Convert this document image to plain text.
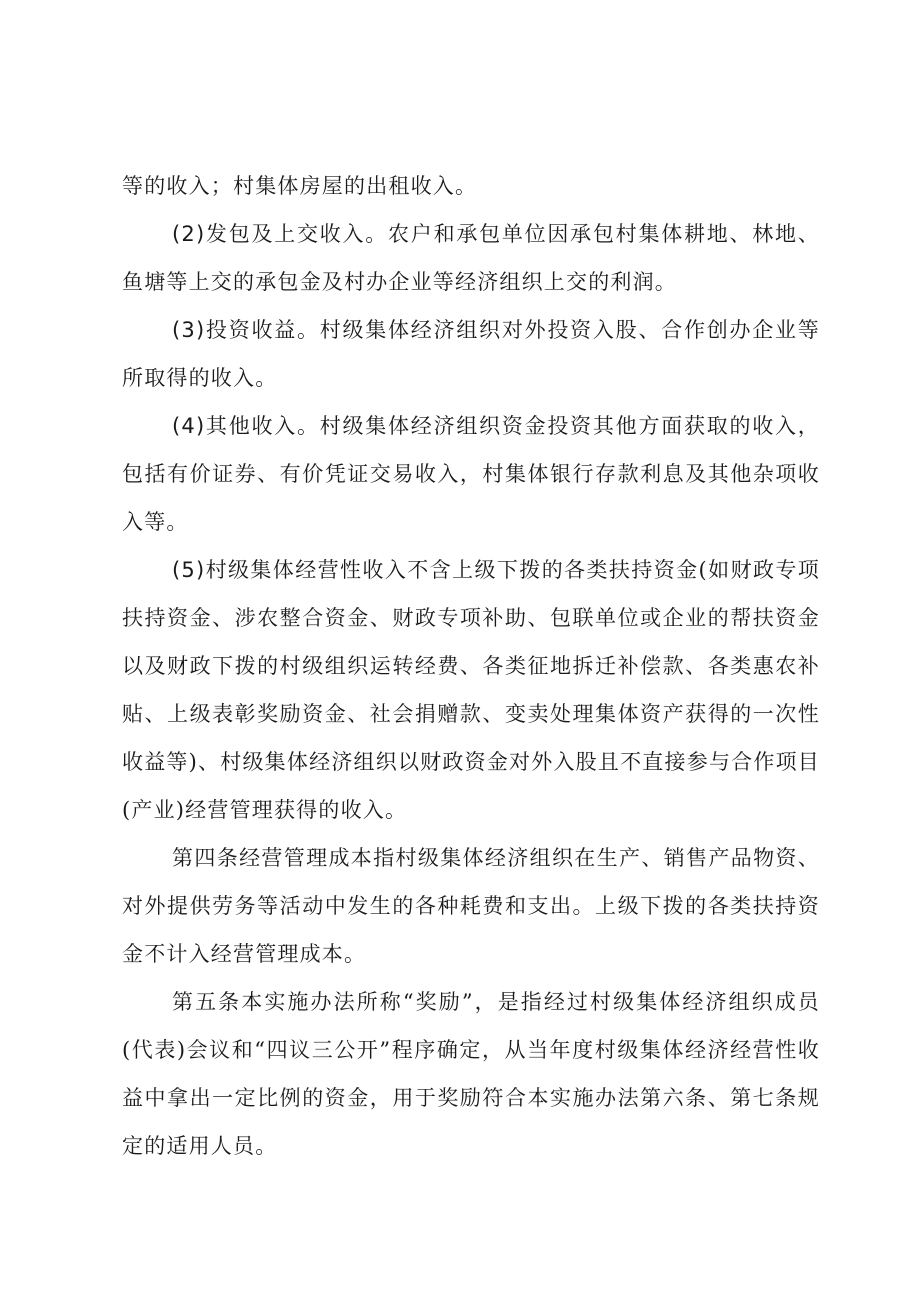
等的收入；村集体房屋的出租收入。

(2)发包及上交收入。农户和承包单位因承包村集体耕地、林地、鱼塘等上交的承包金及村办企业等经济组织上交的利润。

(3)投资收益。村级集体经济组织对外投资入股、合作创办企业等所取得的收入。

(4)其他收入。村级集体经济组织资金投资其他方面获取的收入，包括有价证券、有价凭证交易收入，村集体银行存款利息及其他杂项收入等。

(5)村级集体经营性收入不含上级下拨的各类扶持资金(如财政专项扶持资金、涉农整合资金、财政专项补助、包联单位或企业的帮扶资金以及财政下拨的村级组织运转经费、各类征地拆迁补偿款、各类惠农补贴、上级表彰奖励资金、社会捐赠款、变卖处理集体资产获得的一次性收益等)、村级集体经济组织以财政资金对外入股且不直接参与合作项目(产业)经营管理获得的收入。

第四条经营管理成本指村级集体经济组织在生产、销售产品物资、对外提供劳务等活动中发生的各种耗费和支出。上级下拨的各类扶持资金不计入经营管理成本。

第五条本实施办法所称“奖励”，是指经过村级集体经济组织成员(代表)会议和“四议三公开”程序确定，从当年度村级集体经济经营性收益中拿出一定比例的资金，用于奖励符合本实施办法第六条、第七条规定的适用人员。
